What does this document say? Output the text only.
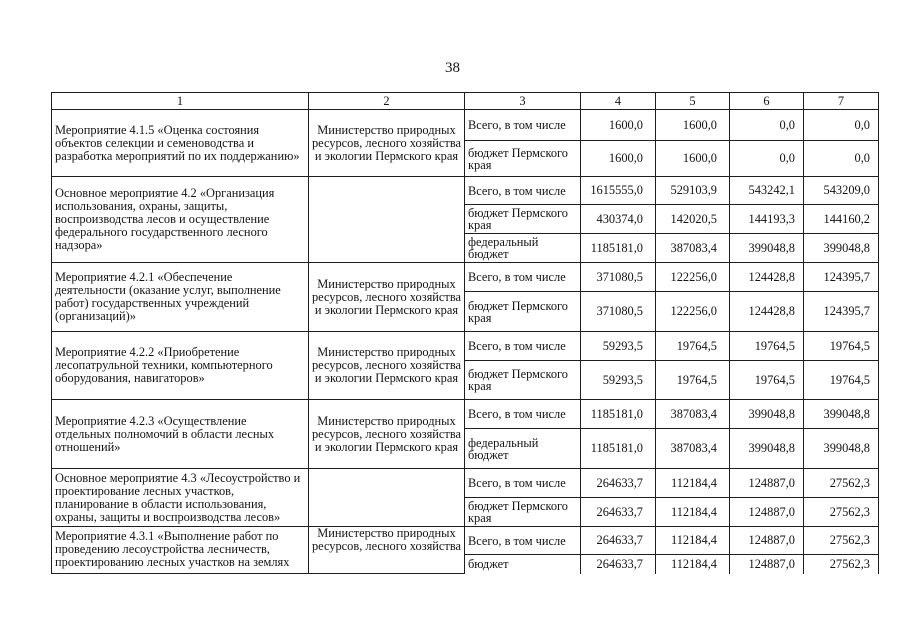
38
1	2	3	4	5	6	7
Мероприятие 4.1.5 «Оценка состояния объектов селекции и семеноводства и разработка мероприятий по их поддержанию»	Министерство природных ресурсов, лесного хозяйства и экологии Пермского края	Всего, в том числе	1600,0	1600,0	0,0	0,0
		бюджет Пермского края	1600,0	1600,0	0,0	0,0
Основное мероприятие 4.2 «Организация использования, охраны, защиты, воспроизводства лесов и осуществление федерального государственного лесного надзора»		Всего, в том числе	1615555,0	529103,9	543242,1	543209,0
		бюджет Пермского края	430374,0	142020,5	144193,3	144160,2
		федеральный бюджет	1185181,0	387083,4	399048,8	399048,8
Мероприятие 4.2.1 «Обеспечение деятельности (оказание услуг, выполнение работ) государственных учреждений (организаций)»	Министерство природных ресурсов, лесного хозяйства и экологии Пермского края	Всего, в том числе	371080,5	122256,0	124428,8	124395,7
		бюджет Пермского края	371080,5	122256,0	124428,8	124395,7
Мероприятие 4.2.2 «Приобретение лесопатрульной техники, компьютерного оборудования, навигаторов»	Министерство природных ресурсов, лесного хозяйства и экологии Пермского края	Всего, в том числе	59293,5	19764,5	19764,5	19764,5
		бюджет Пермского края	59293,5	19764,5	19764,5	19764,5
Мероприятие 4.2.3 «Осуществление отдельных полномочий в области лесных отношений»	Министерство природных ресурсов, лесного хозяйства и экологии Пермского края	Всего, в том числе	1185181,0	387083,4	399048,8	399048,8
		федеральный бюджет	1185181,0	387083,4	399048,8	399048,8
Основное мероприятие 4.3 «Лесоустройство и проектирование лесных участков, планирование в области использования, охраны, защиты и воспроизводства лесов»		Всего, в том числе	264633,7	112184,4	124887,0	27562,3
		бюджет Пермского края	264633,7	112184,4	124887,0	27562,3
Мероприятие 4.3.1 «Выполнение работ по проведению лесоустройства лесничеств, проектированию лесных участков на землях	Министерство природных ресурсов, лесного хозяйства	Всего, в том числе	264633,7	112184,4	124887,0	27562,3
		бюджет	264633,7	112184,4	124887,0	27562,3
